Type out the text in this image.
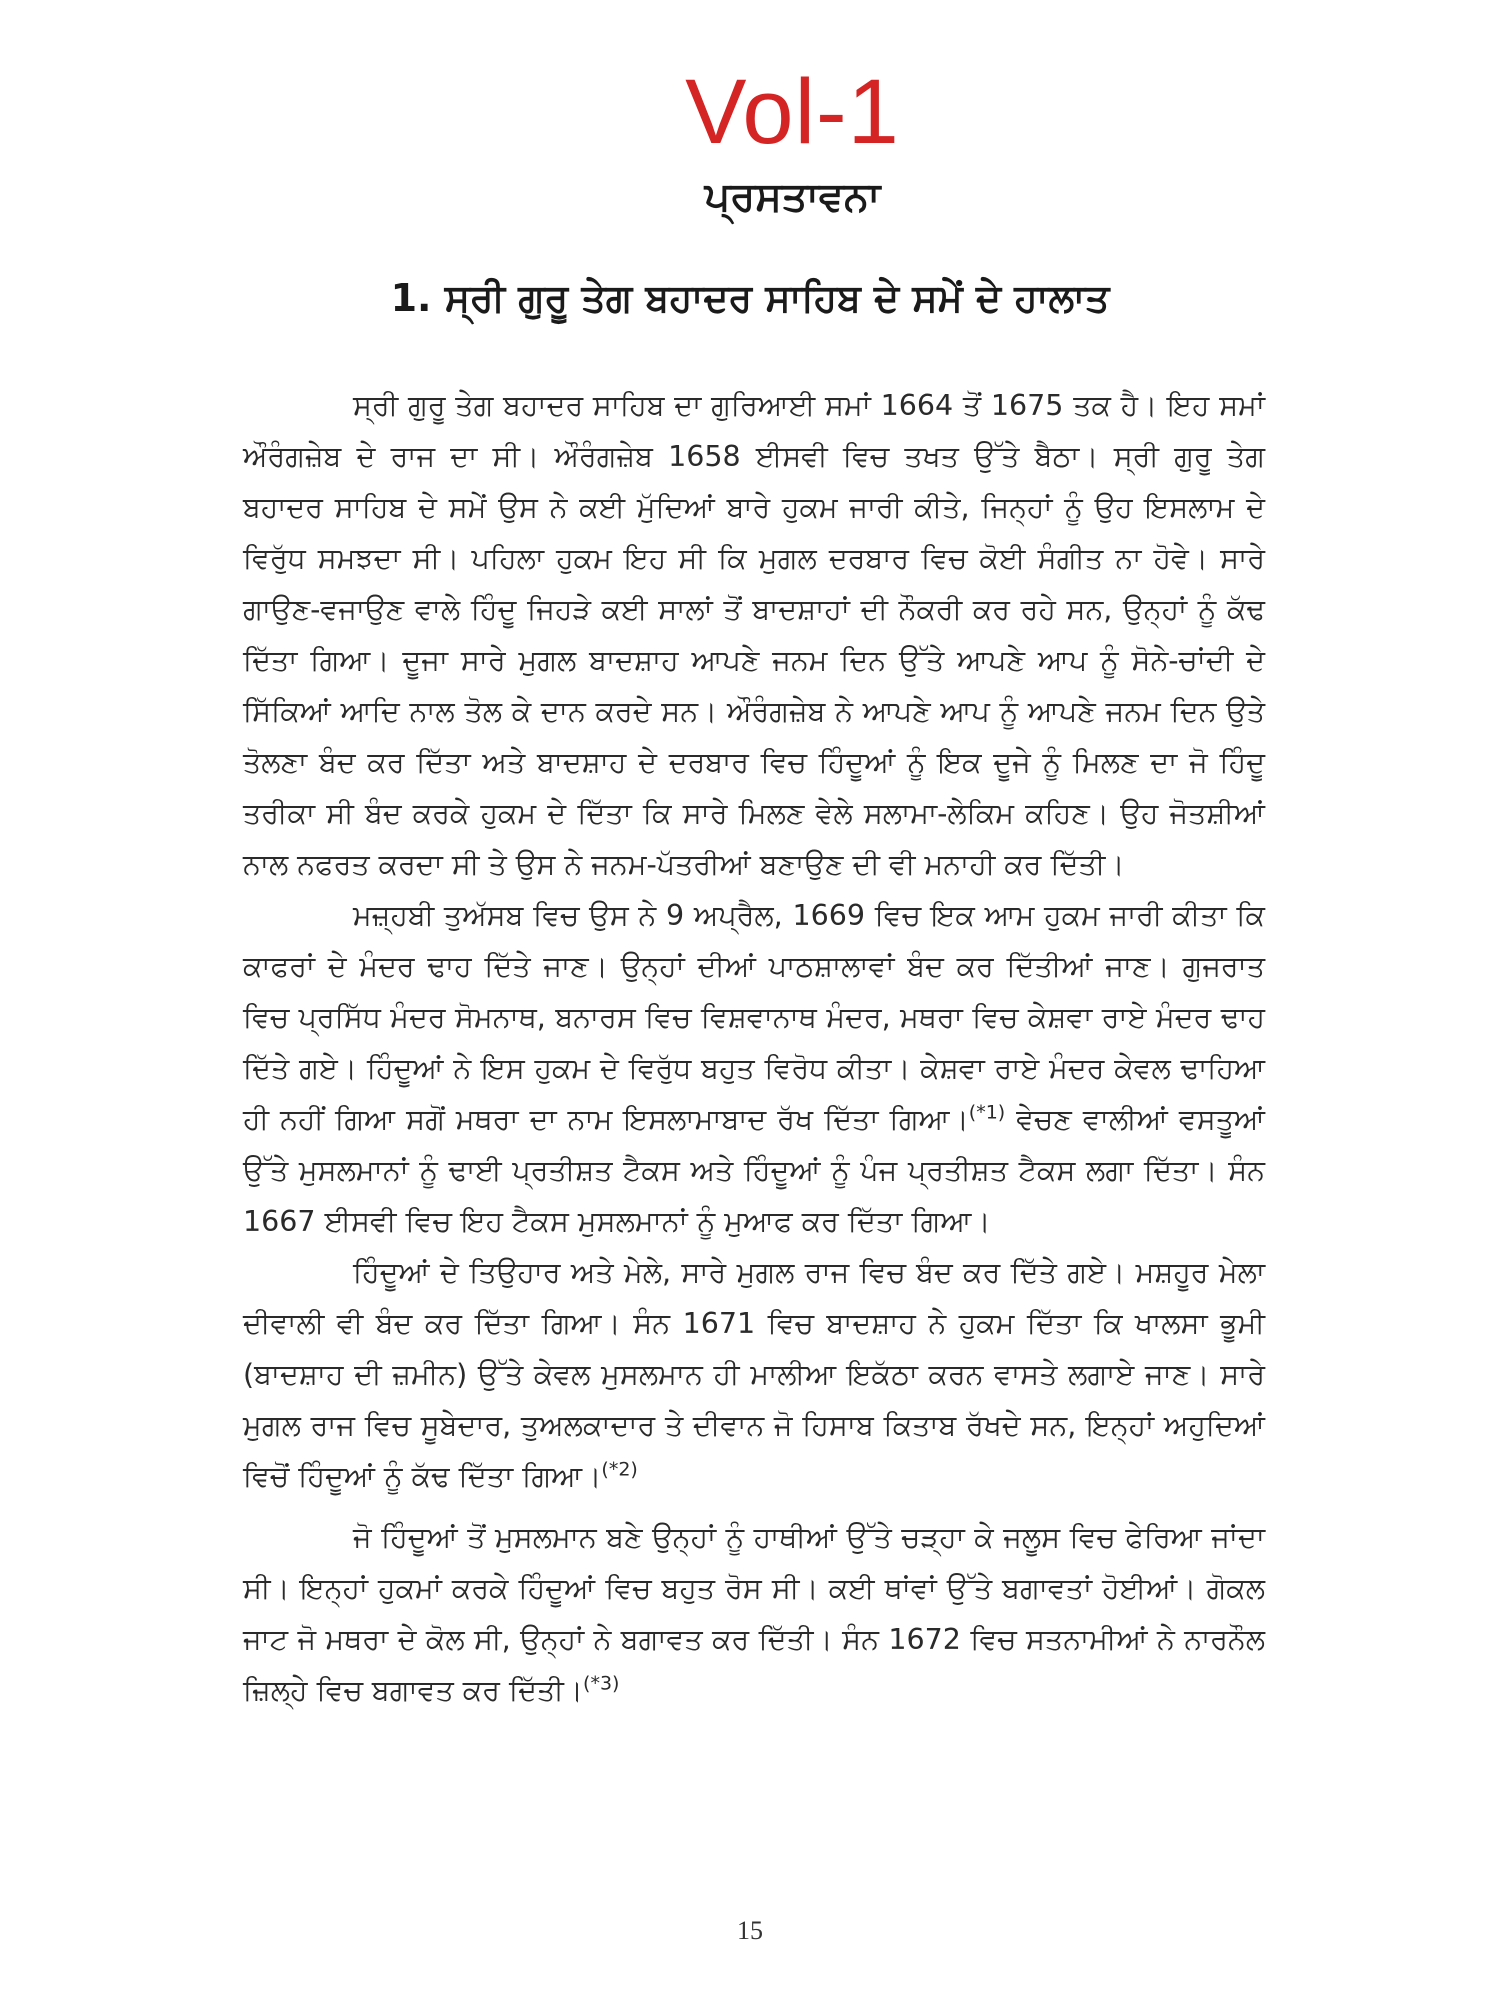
Vol-1
ਪ੍ਰਸਤਾਵਨਾ
1. ਸ੍ਰੀ ਗੁਰੂ ਤੇਗ ਬਹਾਦਰ ਸਾਹਿਬ ਦੇ ਸਮੇਂ ਦੇ ਹਾਲਾਤ

ਸ੍ਰੀ ਗੁਰੂ ਤੇਗ ਬਹਾਦਰ ਸਾਹਿਬ ਦਾ ਗੁਰਿਆਈ ਸਮਾਂ 1664 ਤੋਂ 1675 ਤਕ ਹੈ। ਇਹ ਸਮਾਂ ਔਰੰਗਜ਼ੇਬ ਦੇ ਰਾਜ ਦਾ ਸੀ। ਔਰੰਗਜ਼ੇਬ 1658 ਈਸਵੀ ਵਿਚ ਤਖਤ ਉੱਤੇ ਬੈਠਾ। ਸ੍ਰੀ ਗੁਰੂ ਤੇਗ ਬਹਾਦਰ ਸਾਹਿਬ ਦੇ ਸਮੇਂ ਉਸ ਨੇ ਕਈ ਮੁੱਦਿਆਂ ਬਾਰੇ ਹੁਕਮ ਜਾਰੀ ਕੀਤੇ, ਜਿਨ੍ਹਾਂ ਨੂੰ ਉਹ ਇਸਲਾਮ ਦੇ ਵਿਰੁੱਧ ਸਮਝਦਾ ਸੀ। ਪਹਿਲਾ ਹੁਕਮ ਇਹ ਸੀ ਕਿ ਮੁਗਲ ਦਰਬਾਰ ਵਿਚ ਕੋਈ ਸੰਗੀਤ ਨਾ ਹੋਵੇ। ਸਾਰੇ ਗਾਉਣ-ਵਜਾਉਣ ਵਾਲੇ ਹਿੰਦੂ ਜਿਹੜੇ ਕਈ ਸਾਲਾਂ ਤੋਂ ਬਾਦਸ਼ਾਹਾਂ ਦੀ ਨੌਕਰੀ ਕਰ ਰਹੇ ਸਨ, ਉਨ੍ਹਾਂ ਨੂੰ ਕੱਢ ਦਿੱਤਾ ਗਿਆ। ਦੂਜਾ ਸਾਰੇ ਮੁਗਲ ਬਾਦਸ਼ਾਹ ਆਪਣੇ ਜਨਮ ਦਿਨ ਉੱਤੇ ਆਪਣੇ ਆਪ ਨੂੰ ਸੋਨੇ-ਚਾਂਦੀ ਦੇ ਸਿੱਕਿਆਂ ਆਦਿ ਨਾਲ ਤੋਲ ਕੇ ਦਾਨ ਕਰਦੇ ਸਨ। ਔਰੰਗਜ਼ੇਬ ਨੇ ਆਪਣੇ ਆਪ ਨੂੰ ਆਪਣੇ ਜਨਮ ਦਿਨ ਉਤੇ ਤੋਲਣਾ ਬੰਦ ਕਰ ਦਿੱਤਾ ਅਤੇ ਬਾਦਸ਼ਾਹ ਦੇ ਦਰਬਾਰ ਵਿਚ ਹਿੰਦੂਆਂ ਨੂੰ ਇਕ ਦੂਜੇ ਨੂੰ ਮਿਲਣ ਦਾ ਜੋ ਹਿੰਦੂ ਤਰੀਕਾ ਸੀ ਬੰਦ ਕਰਕੇ ਹੁਕਮ ਦੇ ਦਿੱਤਾ ਕਿ ਸਾਰੇ ਮਿਲਣ ਵੇਲੇ ਸਲਾਮਾ-ਲੇਕਿਮ ਕਹਿਣ। ਉਹ ਜੋਤਸ਼ੀਆਂ ਨਾਲ ਨਫਰਤ ਕਰਦਾ ਸੀ ਤੇ ਉਸ ਨੇ ਜਨਮ-ਪੱਤਰੀਆਂ ਬਣਾਉਣ ਦੀ ਵੀ ਮਨਾਹੀ ਕਰ ਦਿੱਤੀ।

ਮਜ਼੍ਹਬੀ ਤੁਅੱਸਬ ਵਿਚ ਉਸ ਨੇ 9 ਅਪ੍ਰੈਲ, 1669 ਵਿਚ ਇਕ ਆਮ ਹੁਕਮ ਜਾਰੀ ਕੀਤਾ ਕਿ ਕਾਫਰਾਂ ਦੇ ਮੰਦਰ ਢਾਹ ਦਿੱਤੇ ਜਾਣ। ਉਨ੍ਹਾਂ ਦੀਆਂ ਪਾਠਸ਼ਾਲਾਵਾਂ ਬੰਦ ਕਰ ਦਿੱਤੀਆਂ ਜਾਣ। ਗੁਜਰਾਤ ਵਿਚ ਪ੍ਰਸਿੱਧ ਮੰਦਰ ਸੋਮਨਾਥ, ਬਨਾਰਸ ਵਿਚ ਵਿਸ਼ਵਾਨਾਥ ਮੰਦਰ, ਮਥਰਾ ਵਿਚ ਕੇਸ਼ਵਾ ਰਾਏ ਮੰਦਰ ਢਾਹ ਦਿੱਤੇ ਗਏ। ਹਿੰਦੂਆਂ ਨੇ ਇਸ ਹੁਕਮ ਦੇ ਵਿਰੁੱਧ ਬਹੁਤ ਵਿਰੋਧ ਕੀਤਾ। ਕੇਸ਼ਵਾ ਰਾਏ ਮੰਦਰ ਕੇਵਲ ਢਾਹਿਆ ਹੀ ਨਹੀਂ ਗਿਆ ਸਗੋਂ ਮਥਰਾ ਦਾ ਨਾਮ ਇਸਲਾਮਾਬਾਦ ਰੱਖ ਦਿੱਤਾ ਗਿਆ।$^{(*1)}$ ਵੇਚਣ ਵਾਲੀਆਂ ਵਸਤੂਆਂ ਉੱਤੇ ਮੁਸਲਮਾਨਾਂ ਨੂੰ ਢਾਈ ਪ੍ਰਤੀਸ਼ਤ ਟੈਕਸ ਅਤੇ ਹਿੰਦੂਆਂ ਨੂੰ ਪੰਜ ਪ੍ਰਤੀਸ਼ਤ ਟੈਕਸ ਲਗਾ ਦਿੱਤਾ। ਸੰਨ 1667 ਈਸਵੀ ਵਿਚ ਇਹ ਟੈਕਸ ਮੁਸਲਮਾਨਾਂ ਨੂੰ ਮੁਆਫ ਕਰ ਦਿੱਤਾ ਗਿਆ।

ਹਿੰਦੂਆਂ ਦੇ ਤਿਉਹਾਰ ਅਤੇ ਮੇਲੇ, ਸਾਰੇ ਮੁਗਲ ਰਾਜ ਵਿਚ ਬੰਦ ਕਰ ਦਿੱਤੇ ਗਏ। ਮਸ਼ਹੂਰ ਮੇਲਾ ਦੀਵਾਲੀ ਵੀ ਬੰਦ ਕਰ ਦਿੱਤਾ ਗਿਆ। ਸੰਨ 1671 ਵਿਚ ਬਾਦਸ਼ਾਹ ਨੇ ਹੁਕਮ ਦਿੱਤਾ ਕਿ ਖਾਲਸਾ ਭੂਮੀ (ਬਾਦਸ਼ਾਹ ਦੀ ਜ਼ਮੀਨ) ਉੱਤੇ ਕੇਵਲ ਮੁਸਲਮਾਨ ਹੀ ਮਾਲੀਆ ਇਕੱਠਾ ਕਰਨ ਵਾਸਤੇ ਲਗਾਏ ਜਾਣ। ਸਾਰੇ ਮੁਗਲ ਰਾਜ ਵਿਚ ਸੂਬੇਦਾਰ, ਤੁਅਲਕਾਦਾਰ ਤੇ ਦੀਵਾਨ ਜੋ ਹਿਸਾਬ ਕਿਤਾਬ ਰੱਖਦੇ ਸਨ, ਇਨ੍ਹਾਂ ਅਹੁਦਿਆਂ ਵਿਚੋਂ ਹਿੰਦੂਆਂ ਨੂੰ ਕੱਢ ਦਿੱਤਾ ਗਿਆ।$^{(*2)}$

ਜੋ ਹਿੰਦੂਆਂ ਤੋਂ ਮੁਸਲਮਾਨ ਬਣੇ ਉਨ੍ਹਾਂ ਨੂੰ ਹਾਥੀਆਂ ਉੱਤੇ ਚੜ੍ਹਾ ਕੇ ਜਲੂਸ ਵਿਚ ਫੇਰਿਆ ਜਾਂਦਾ ਸੀ। ਇਨ੍ਹਾਂ ਹੁਕਮਾਂ ਕਰਕੇ ਹਿੰਦੂਆਂ ਵਿਚ ਬਹੁਤ ਰੋਸ ਸੀ। ਕਈ ਥਾਂਵਾਂ ਉੱਤੇ ਬਗਾਵਤਾਂ ਹੋਈਆਂ। ਗੋਕਲ ਜਾਟ ਜੋ ਮਥਰਾ ਦੇ ਕੋਲ ਸੀ, ਉਨ੍ਹਾਂ ਨੇ ਬਗਾਵਤ ਕਰ ਦਿੱਤੀ। ਸੰਨ 1672 ਵਿਚ ਸਤਨਾਮੀਆਂ ਨੇ ਨਾਰਨੌਲ ਜ਼ਿਲ੍ਹੇ ਵਿਚ ਬਗਾਵਤ ਕਰ ਦਿੱਤੀ।$^{(*3)}$

15
